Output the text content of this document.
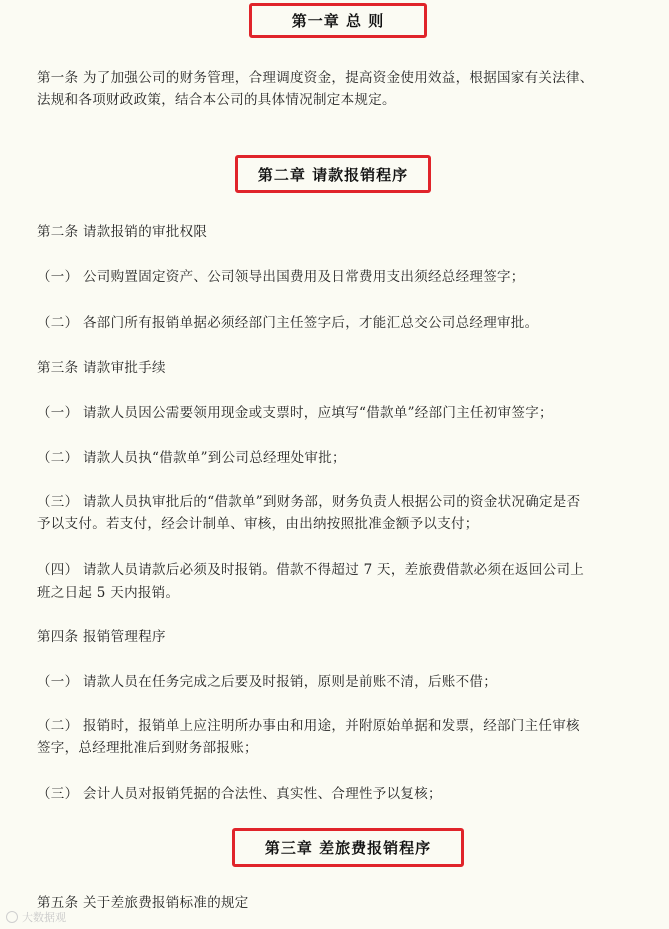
第一章 总 则
第二章 请款报销程序
第三章 差旅费报销程序
第一条 为了加强公司的财务管理，合理调度资金，提高资金使用效益，根据国家有关法律、
法规和各项财政政策，结合本公司的具体情况制定本规定。
第二条 请款报销的审批权限
（一） 公司购置固定资产、公司领导出国费用及日常费用支出须经总经理签字；
（二） 各部门所有报销单据必须经部门主任签字后，才能汇总交公司总经理审批。
第三条 请款审批手续
（一） 请款人员因公需要领用现金或支票时，应填写“借款单”经部门主任初审签字；
（二） 请款人员执“借款单”到公司总经理处审批；
（三） 请款人员执审批后的“借款单”到财务部，财务负责人根据公司的资金状况确定是否
予以支付。若支付，经会计制单、审核，由出纳按照批准金额予以支付；
（四） 请款人员请款后必须及时报销。借款不得超过 7 天，差旅费借款必须在返回公司上
班之日起 5 天内报销。
第四条 报销管理程序
（一） 请款人员在任务完成之后要及时报销，原则是前账不清，后账不借；
（二） 报销时，报销单上应注明所办事由和用途，并附原始单据和发票，经部门主任审核
签字，总经理批准后到财务部报账；
（三） 会计人员对报销凭据的合法性、真实性、合理性予以复核；
第五条 关于差旅费报销标准的规定
大数据观
